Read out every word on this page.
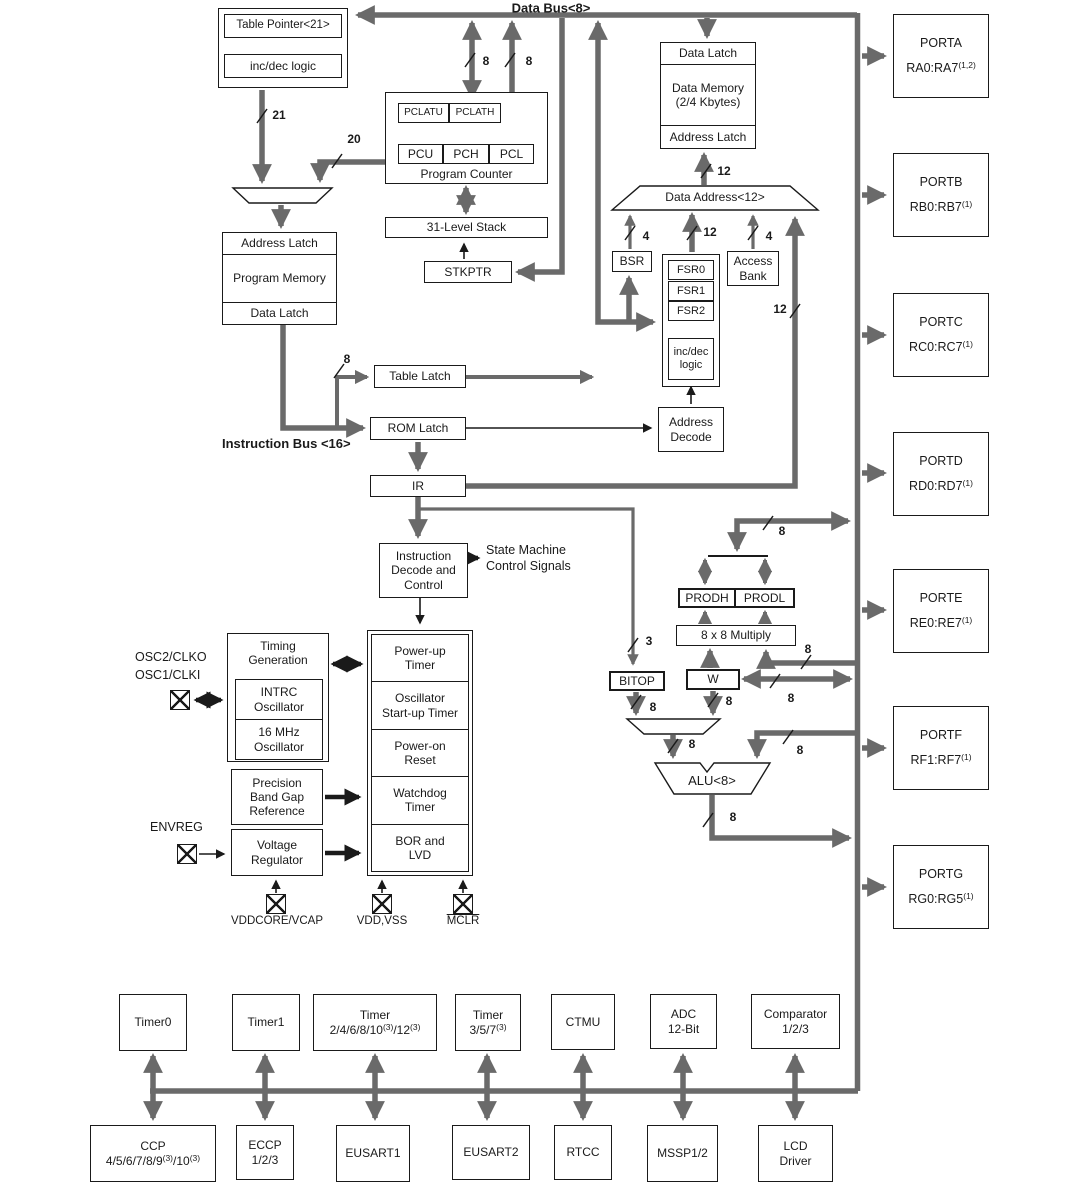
Data Bus<8>
Instruction Bus <16>
Table Pointer<21>
inc/dec logic
Program Counter
PCLATU	PCLATH
PCU	PCH	PCL
31-Level Stack
STKPTR
Address Latch
Program Memory
Data Latch
Table Latch
ROM Latch
IR
Instruction
Decode and
Control
State Machine
Control Signals
Data Latch
Data Memory
(2/4 Kbytes)
Address Latch
Data Address<12>
BSR
FSR0
FSR1
FSR2
inc/dec
logic
Access
Bank
Address
Decode
PRODH	PRODL
8 x 8 Multiply
BITOP	W
ALU<8>
PORTA
RA0:RA7$^{(1,2)}$
PORTB
RB0:RB7$^{(1)}$
PORTC
RC0:RC7$^{(1)}$
PORTD
RD0:RD7$^{(1)}$
PORTE
RE0:RE7$^{(1)}$
PORTF
RF1:RF7$^{(1)}$
PORTG
RG0:RG5$^{(1)}$
OSC2/CLKO
OSC1/CLKI
Timing
Generation
INTRC
Oscillator
16 MHz
Oscillator
Power-up
Timer
Oscillator
Start-up Timer
Power-on
Reset
Watchdog
Timer
BOR and
LVD
Precision
Band Gap
Reference
ENVREG
Voltage
Regulator
VDDCORE/VCAP	VDD,VSS	MCLR
Timer0	Timer1
Timer
2/4/6/8/10$^{(3)}$/12$^{(3)}$
Timer
3/5/7$^{(3)}$	CTMU
ADC
12-Bit
Comparator
1/2/3
CCP
4/5/6/7/8/9$^{(3)}$/10$^{(3)}$
ECCP
1/2/3	EUSART1	EUSART2	RTCC	MSSP1/2
LCD
Driver
21
20
8	8
12
4	12	4
12
8
3
8	8	8
8
8
8	8
8
